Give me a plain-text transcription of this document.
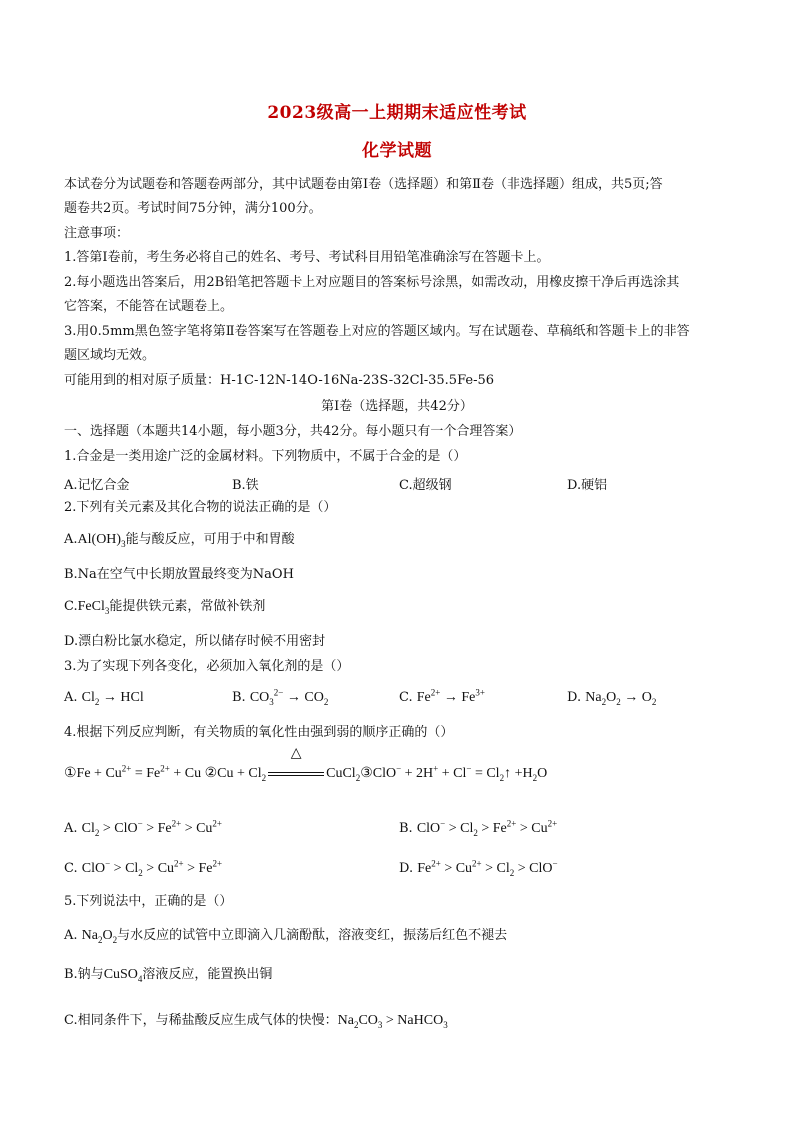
2023级高一上期期末适应性考试
化学试题
本试卷分为试题卷和答题卷两部分，其中试题卷由第Ⅰ卷（选择题）和第Ⅱ卷（非选择题）组成，共5页;答
题卷共2页。考试时间75分钟，满分100分。
注意事项：
1.答第Ⅰ卷前，考生务必将自己的姓名、考号、考试科目用铅笔准确涂写在答题卡上。
2.每小题选出答案后，用2B铅笔把答题卡上对应题目的答案标号涂黑，如需改动，用橡皮擦干净后再选涂其
它答案，不能答在试题卷上。
3.用0.5mm黑色签字笔将第Ⅱ卷答案写在答题卷上对应的答题区域内。写在试题卷、草稿纸和答题卡上的非答
题区域均无效。
可能用到的相对原子质量：H-1C-12N-14O-16Na-23S-32Cl-35.5Fe-56
第Ⅰ卷（选择题，共42分）
一、选择题（本题共14小题，每小题3分，共42分。每小题只有一个合理答案）
1.合金是一类用途广泛的金属材料。下列物质中，不属于合金的是（）
A.记忆合金	B.铁	C.超级钢	D.硬铝
2.下列有关元素及其化合物的说法正确的是（）
$A.Al(OH)_3$能与酸反应，可用于中和胃酸
B.Na在空气中长期放置最终变为NaOH
C.FeCl$_3$能提供铁元素，常做补铁剂
D.漂白粉比氯水稳定，所以储存时候不用密封
3.为了实现下列各变化，必须加入氧化剂的是（）
A. $Cl_2$ → HCl	B. $CO_3^{2-} \to CO_2$	C. $Fe^{2+} \to Fe^{3+}$	D. $Na_2O_2 \to O_2$
4.根据下列反应判断，有关物质的氧化性由强到弱的顺序正确的（）
①Fe + $Cu^{2+} = Fe^{2+} + Cu$ ②Cu + $Cl_2$
△
CuCl$_2$③ClO− + $2H^+ + Cl^- = Cl_2↑ +H_2O$
A. $Cl_2 > ClO^- > Fe^{2+} > Cu^{2+}$	B. $ClO^- > Cl_2 > Fe^{2+} > Cu^{2+}$
C. $ClO^- > Cl_2 > Cu^{2+} > Fe^{2+}$	D. $Fe^{2+} > Cu^{2+} > Cl_2 > ClO^-$
5.下列说法中，正确的是（）
A. $Na_2O_2$与水反应的试管中立即滴入几滴酚酞，溶液变红，振荡后红色不褪去
B.钠与CuSO$_4$溶液反应，能置换出铜
C.相同条件下，与稀盐酸反应生成气体的快慢：$Na_2CO_3$ > NaHCO$_3$
